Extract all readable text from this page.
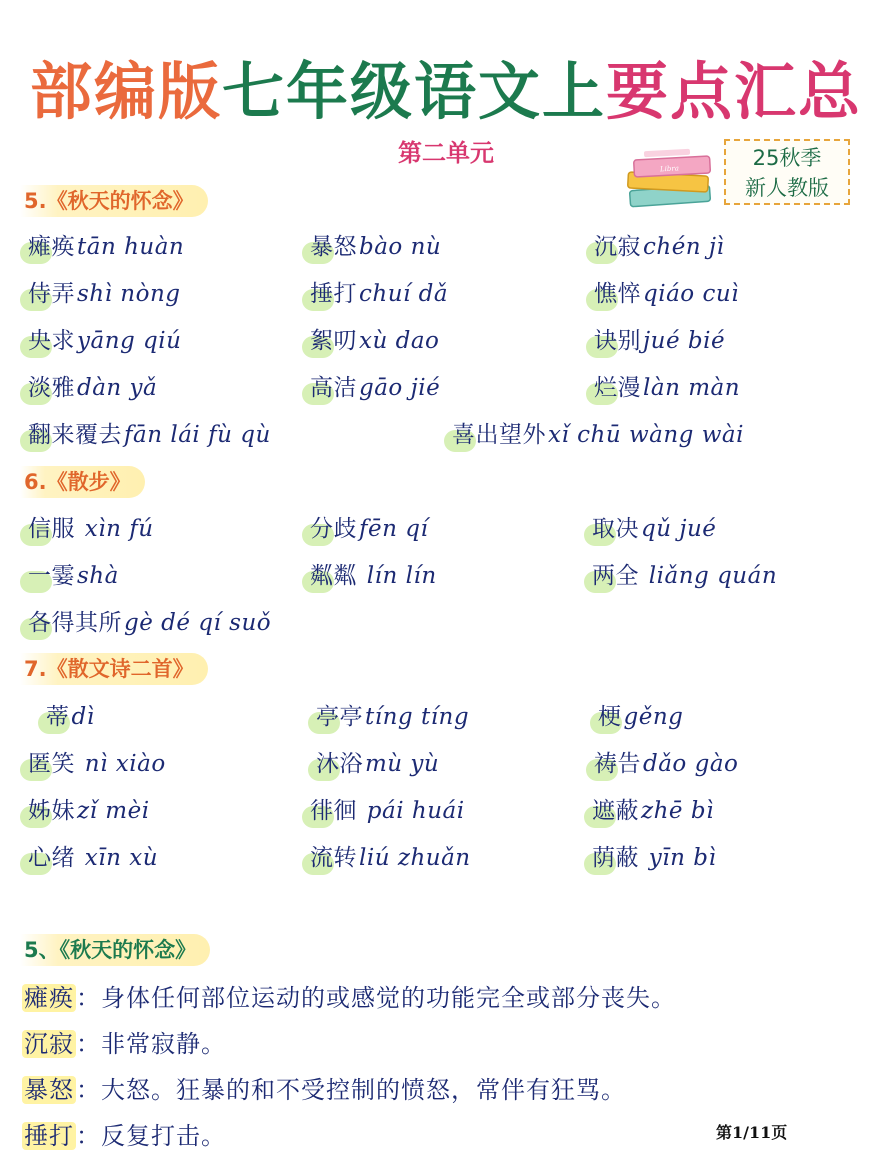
部编版七年级语文上要点汇总
第二单元
Libra	25秋季
新人教版
5.《秋天的怀念》
瘫痪tān huàn	暴怒bào nù	沉寂chén jì
侍弄shì nòng	捶打chuí dǎ	憔悴qiáo cuì
央求yāng qiú	絮叨xù dao	诀别jué bié
淡雅dàn yǎ	高洁gāo jié	烂漫làn màn
翻来覆去fān lái fù qù	喜出望外xǐ chū wàng wài
6.《散步》
信服 xìn fú	分歧fēn qí	取决qǔ jué
一霎shà	粼粼 lín lín	两全 liǎng quán
各得其所gè dé qí suǒ
7.《散文诗二首》
蒂dì	亭亭tíng tíng	梗gěng
匿笑 nì xiào	沐浴mù yù	祷告dǎo gào
姊妹zǐ mèi	徘徊 pái huái	遮蔽zhē bì
心绪 xīn xù	流转liú zhuǎn	荫蔽 yīn bì
5、《秋天的怀念》
瘫痪：身体任何部位运动的或感觉的功能完全或部分丧失。
沉寂：非常寂静。
暴怒：大怒。狂暴的和不受控制的愤怒，常伴有狂骂。
捶打：反复打击。	第1/11页
